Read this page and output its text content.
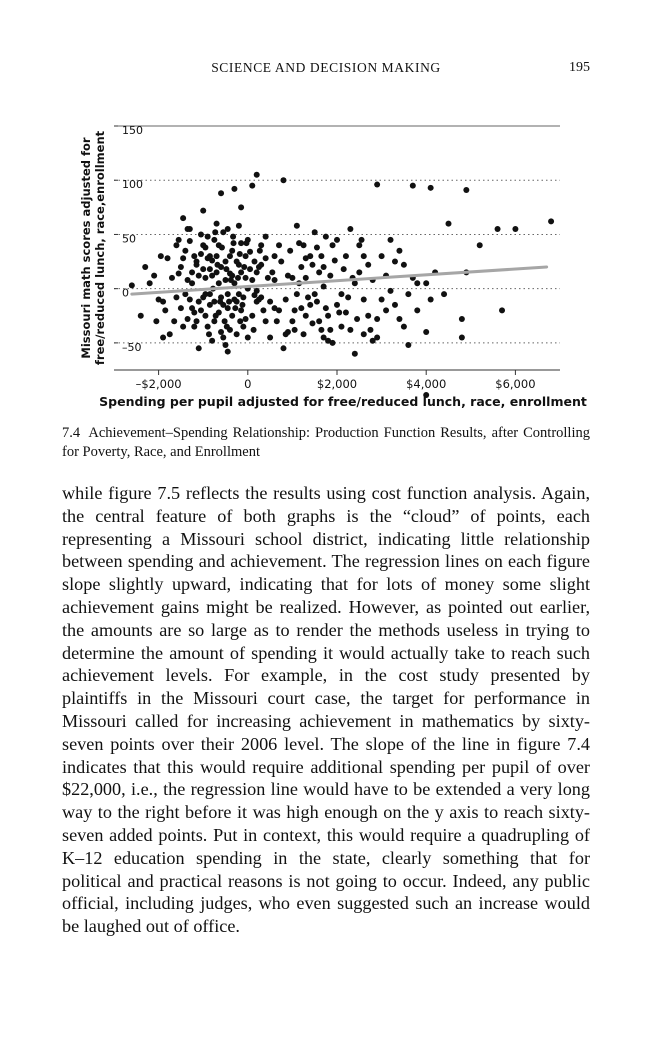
SCIENCE AND DECISION MAKING	195
–$2,000	0	$2,000	$4,000	$6,000
150
100
50
0
–50
Spending per pupil adjusted for free/reduced lunch, race, enrollment
free/reduced lunch, race,enrollment
Missouri math scores adjusted for
7.4 Achievement–Spending Relationship: Production Function Results, after Controlling for Poverty, Race, and Enrollment

while figure 7.5 reflects the results using cost function analysis. Again, the central feature of both graphs is the “cloud” of points, each representing a Missouri school district, indicating little relationship between spending and achievement. The regression lines on each figure slope slightly upward, indicating that for lots of money some slight achievement gains might be realized. However, as pointed out earlier, the amounts are so large as to render the methods useless in trying to determine the amount of spending it would actually take to reach such achievement levels. For example, in the cost study presented by plaintiffs in the Missouri court case, the target for performance in Missouri called for increasing achievement in mathematics by sixty-seven points over their 2006 level. The slope of the line in figure 7.4 indicates that this would require additional spending per pupil of over $22,000, i.e., the regression line would have to be extended a very long way to the right before it was high enough on the y axis to reach sixty-seven added points. Put in context, this would require a quadrupling of K–12 education spending in the state, clearly something that for political and practical reasons is not going to occur. Indeed, any public official, including judges, who even suggested such an increase would be laughed out of office.
